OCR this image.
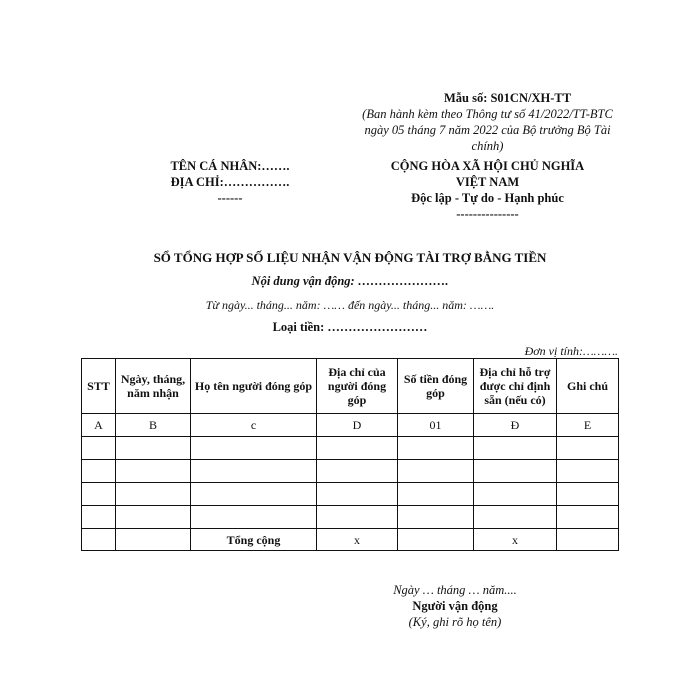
Mẫu số: S01CN/XH-TT
(Ban hành kèm theo Thông tư số 41/2022/TT-BTC ngày 05 tháng 7 năm 2022 của Bộ trưởng Bộ Tài chính)
TÊN CÁ NHÂN:…….
ĐỊA CHỈ:…………….
------
CỘNG HÒA XÃ HỘI CHỦ NGHĨA
VIỆT NAM
Độc lập - Tự do - Hạnh phúc
---------------
SỔ TỔNG HỢP SỐ LIỆU NHẬN VẬN ĐỘNG TÀI TRỢ BẰNG TIỀN
Nội dung vận động: ………………….
Từ ngày... tháng... năm: …… đến ngày... tháng... năm: …….
Loại tiền: ……………………
Đơn vị tính:……….
STT	Ngày, tháng, năm nhận	Họ tên người đóng góp	Địa chỉ của người đóng góp	Số tiền đóng góp	Địa chỉ hỗ trợ được chỉ định sẵn (nếu có)	Ghi chú
A	B	c	D	01	Đ	E

		Tổng cộng	x		x	
Ngày … tháng … năm....
Người vận động
(Ký, ghi rõ họ tên)
